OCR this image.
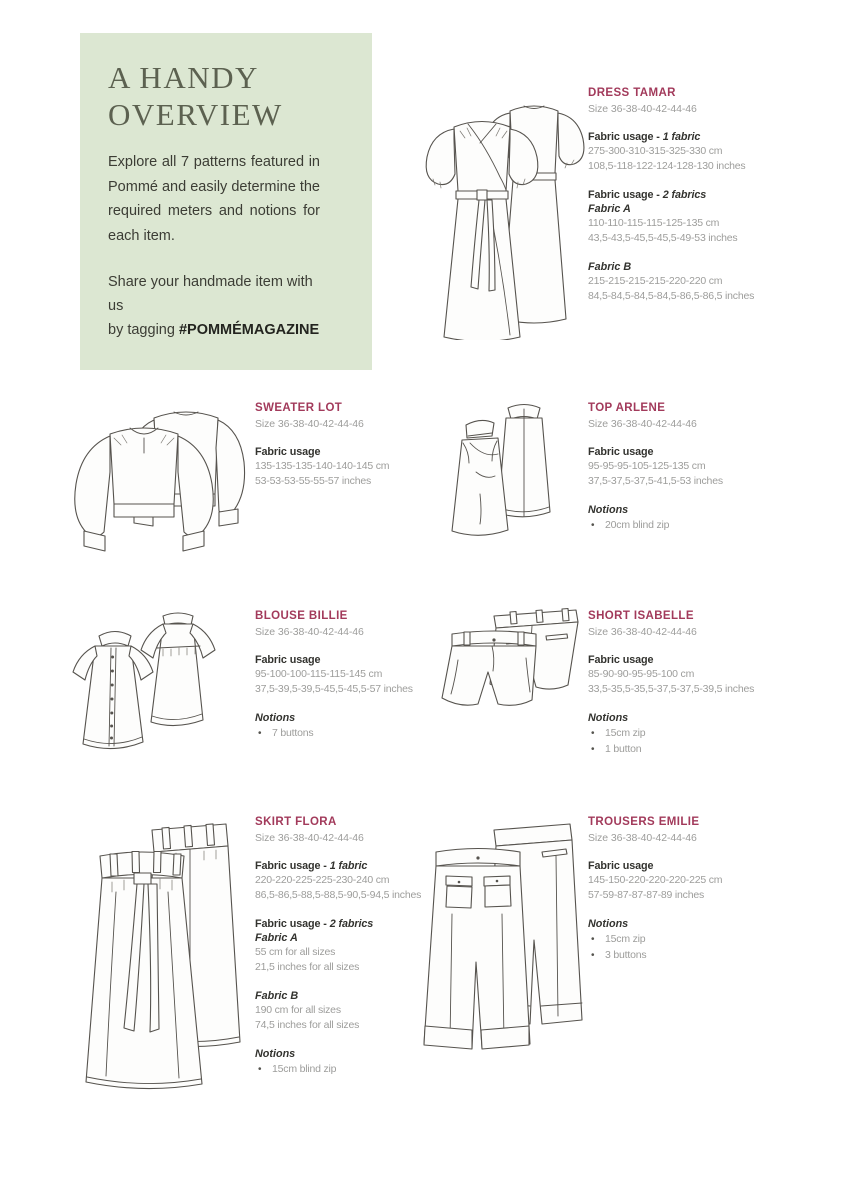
A HANDY
OVERVIEW
Explore all 7 patterns featured in
Pommé and easily determine the
required meters and notions for
each item.
Share your handmade item with us
by tagging #POMMÉMAGAZINE
DRESS TAMAR
Size 36-38-40-42-44-46
Fabric usage - 1 fabric
275-300-310-315-325-330 cm
108,5-118-122-124-128-130 inches
Fabric usage - 2 fabrics
Fabric A
110-110-115-115-125-135 cm
43,5-43,5-45,5-45,5-49-53 inches
Fabric B
215-215-215-215-220-220 cm
84,5-84,5-84,5-84,5-86,5-86,5 inches
SWEATER LOT
Size 36-38-40-42-44-46
Fabric usage
135-135-135-140-140-145 cm
53-53-53-55-55-57 inches
TOP ARLENE
Size 36-38-40-42-44-46
Fabric usage
95-95-95-105-125-135 cm
37,5-37,5-37,5-41,5-53 inches
Notions
• 20cm blind zip
BLOUSE BILLIE
Size 36-38-40-42-44-46
Fabric usage
95-100-100-115-115-145 cm
37,5-39,5-39,5-45,5-45,5-57 inches
Notions
• 7 buttons
SHORT ISABELLE
Size 36-38-40-42-44-46
Fabric usage
85-90-90-95-95-100 cm
33,5-35,5-35,5-37,5-37,5-39,5 inches
Notions
• 15cm zip
• 1 button
SKIRT FLORA
Size 36-38-40-42-44-46
Fabric usage - 1 fabric
220-220-225-225-230-240 cm
86,5-86,5-88,5-88,5-90,5-94,5 inches
Fabric usage - 2 fabrics
Fabric A
55 cm for all sizes
21,5 inches for all sizes
Fabric B
190 cm for all sizes
74,5 inches for all sizes
Notions
• 15cm blind zip
TROUSERS EMILIE
Size 36-38-40-42-44-46
Fabric usage
145-150-220-220-220-225 cm
57-59-87-87-87-89 inches
Notions
• 15cm zip
• 3 buttons
